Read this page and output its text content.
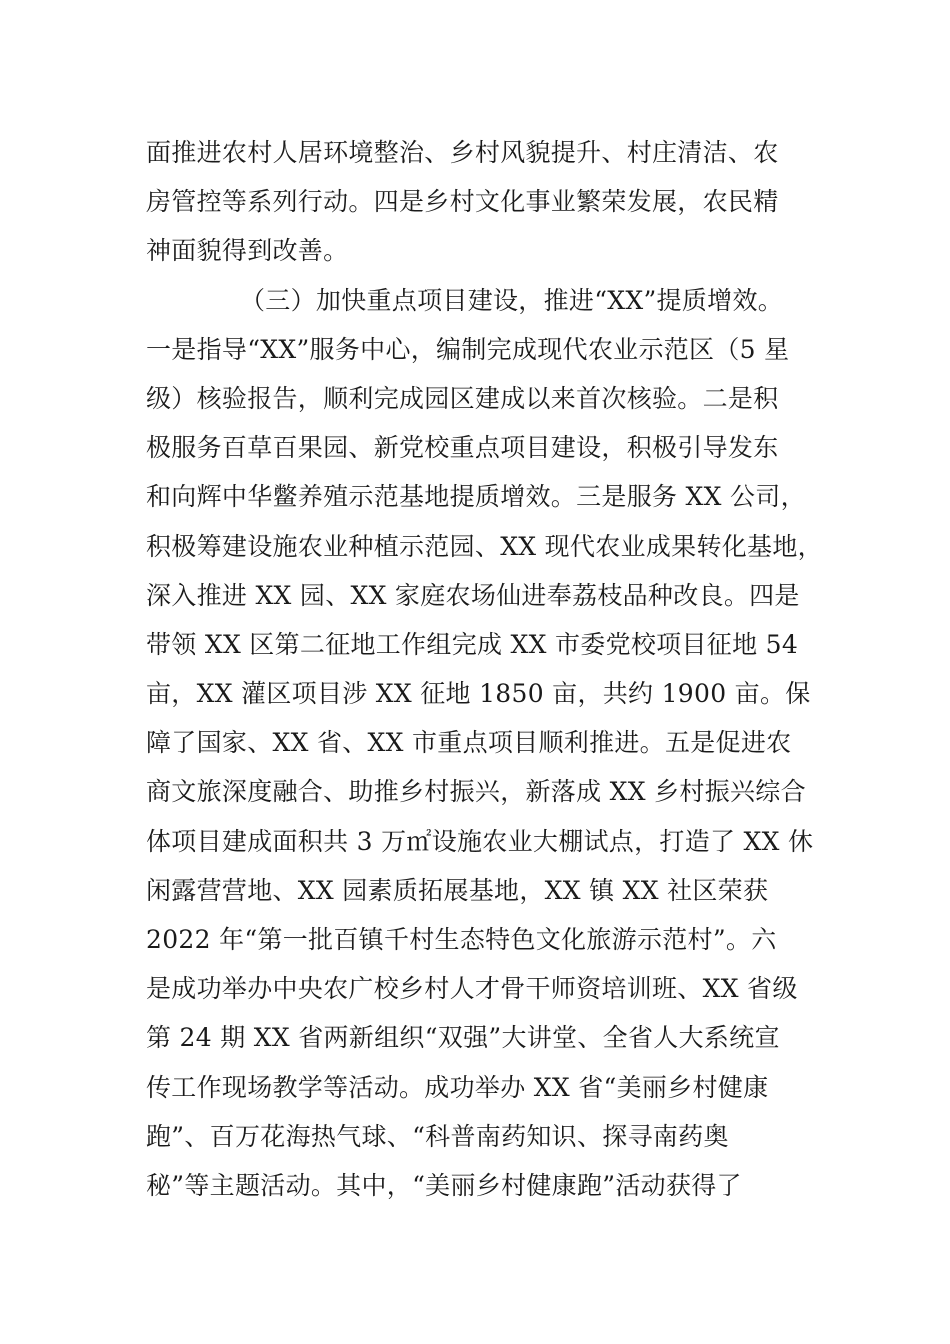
面推进农村人居环境整治、乡村风貌提升、村庄清洁、农
房管控等系列行动。四是乡村文化事业繁荣发展，农民精
神面貌得到改善。
（三）加快重点项目建设，推进“XX”提质增效。
一是指导“XX”服务中心，编制完成现代农业示范区（5 星
级）核验报告，顺利完成园区建成以来首次核验。二是积
极服务百草百果园、新党校重点项目建设，积极引导发东
和向辉中华鳖养殖示范基地提质增效。三是服务 XX 公司，
积极筹建设施农业种植示范园、XX 现代农业成果转化基地，
深入推进 XX 园、XX 家庭农场仙进奉荔枝品种改良。四是
带领 XX 区第二征地工作组完成 XX 市委党校项目征地 54
亩，XX 灌区项目涉 XX 征地 1850 亩，共约 1900 亩。保
障了国家、XX 省、XX 市重点项目顺利推进。五是促进农
商文旅深度融合、助推乡村振兴，新落成 XX 乡村振兴综合
体项目建成面积共 3 万㎡设施农业大棚试点，打造了 XX 休
闲露营营地、XX 园素质拓展基地，XX 镇 XX 社区荣获
2022 年“第一批百镇千村生态特色文化旅游示范村”。六
是成功举办中央农广校乡村人才骨干师资培训班、XX 省级
第 24 期 XX 省两新组织“双强”大讲堂、全省人大系统宣
传工作现场教学等活动。成功举办 XX 省“美丽乡村健康
跑”、百万花海热气球、“科普南药知识、探寻南药奥
秘”等主题活动。其中，“美丽乡村健康跑”活动获得了
